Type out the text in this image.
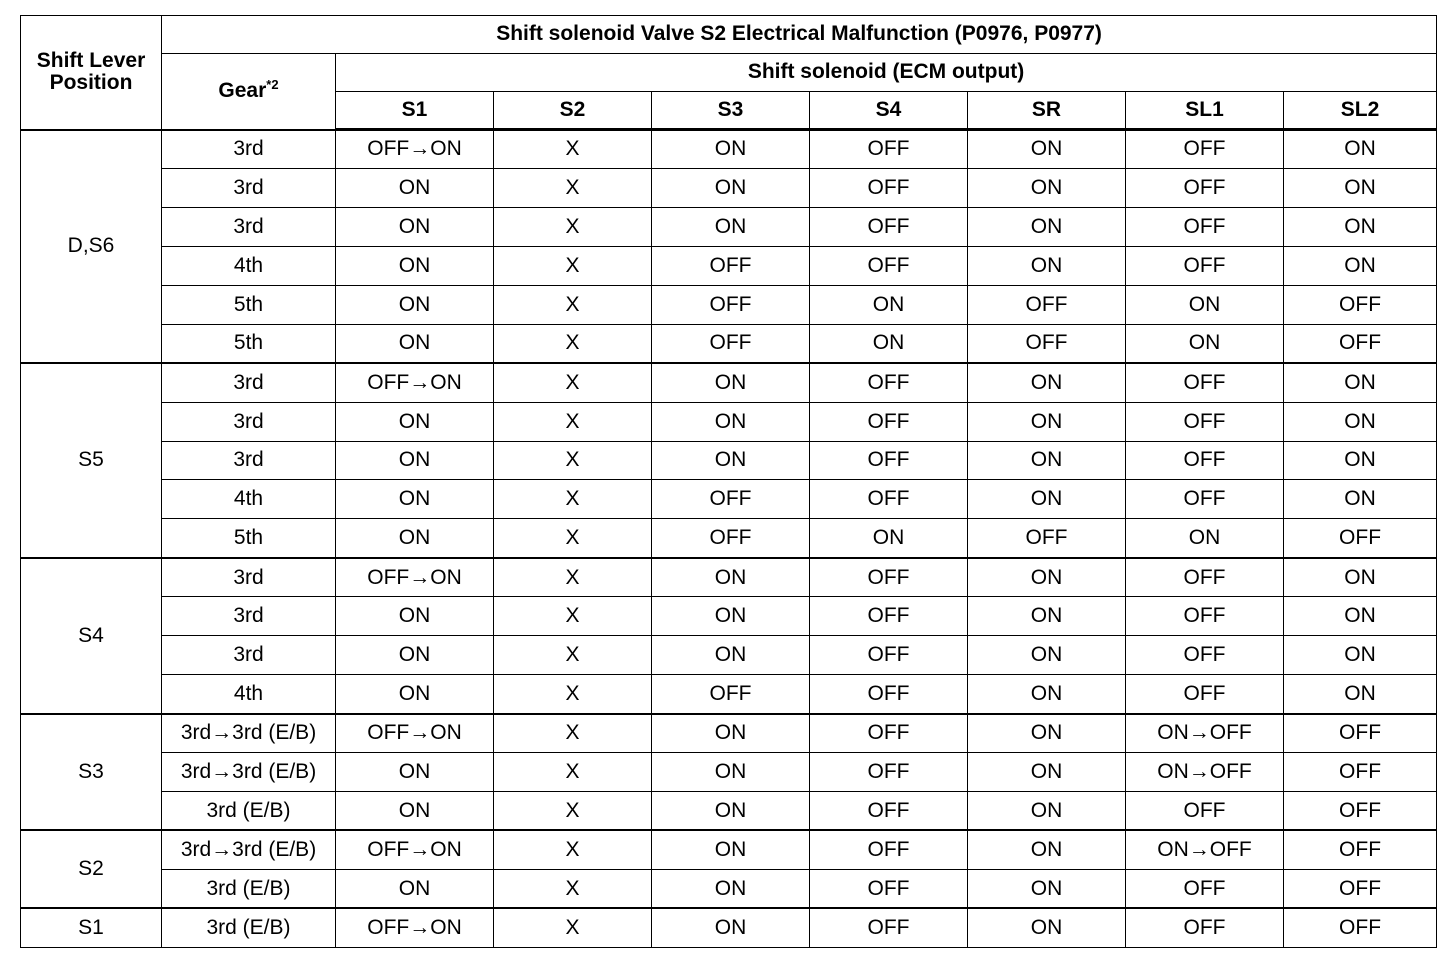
Shift Lever Position	Shift solenoid Valve S2 Electrical Malfunction (P0976, P0977)							
	Gear$^{*2}$	Shift solenoid (ECM output)						
		S1	S2	S3	S4	SR	SL1	SL2
D,S6	3rd	OFF→ON	X	ON	OFF	ON	OFF	ON
	3rd	ON	X	ON	OFF	ON	OFF	ON
	3rd	ON	X	ON	OFF	ON	OFF	ON
	4th	ON	X	OFF	OFF	ON	OFF	ON
	5th	ON	X	OFF	ON	OFF	ON	OFF
	5th	ON	X	OFF	ON	OFF	ON	OFF
S5	3rd	OFF→ON	X	ON	OFF	ON	OFF	ON
	3rd	ON	X	ON	OFF	ON	OFF	ON
	3rd	ON	X	ON	OFF	ON	OFF	ON
	4th	ON	X	OFF	OFF	ON	OFF	ON
	5th	ON	X	OFF	ON	OFF	ON	OFF
S4	3rd	OFF→ON	X	ON	OFF	ON	OFF	ON
	3rd	ON	X	ON	OFF	ON	OFF	ON
	3rd	ON	X	ON	OFF	ON	OFF	ON
	4th	ON	X	OFF	OFF	ON	OFF	ON
S3	3rd→3rd (E/B)	OFF→ON	X	ON	OFF	ON	ON→OFF	OFF
	3rd→3rd (E/B)	ON	X	ON	OFF	ON	ON→OFF	OFF
	3rd (E/B)	ON	X	ON	OFF	ON	OFF	OFF
S2	3rd→3rd (E/B)	OFF→ON	X	ON	OFF	ON	ON→OFF	OFF
	3rd (E/B)	ON	X	ON	OFF	ON	OFF	OFF
S1	3rd (E/B)	OFF→ON	X	ON	OFF	ON	OFF	OFF
